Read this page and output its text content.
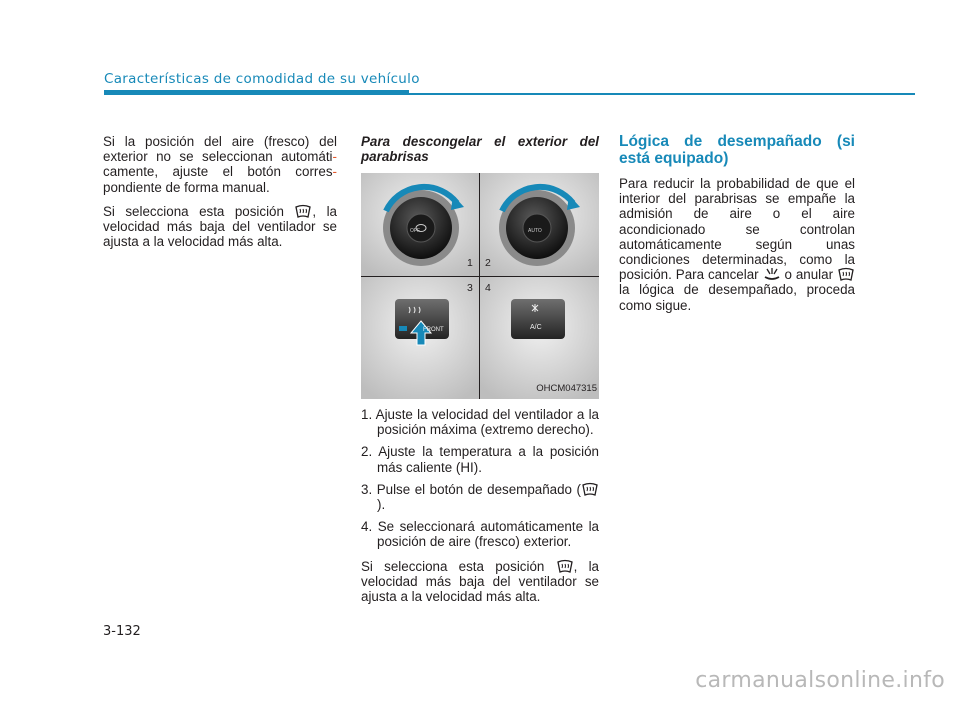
Características de comodidad de su vehículo

Si la posición del aire (fresco) del exterior no se seleccionan automáti- camente, ajuste el botón corres- pondiente de forma manual.

Si selecciona esta posición
, la velocidad más baja del ventilador se ajusta a la velocidad más alta.

Para descongelar el exterior del parabrisas

1 2
3 4
OFF	AUTO
FRONT	A/C
OHCM047315
1. Ajuste la velocidad del ventilador a la posición máxima (extremo derecho).
2. Ajuste la temperatura a la posición más caliente (HI).
3. Pulse el botón de desempañado (
).
4. Se seleccionará automáticamente la posición de aire (fresco) exterior.

Si selecciona esta posición
, la velocidad más baja del ventilador se ajusta a la velocidad más alta.

Lógica de desempañado (si está equipado)

Para reducir la probabilidad de que el interior del parabrisas se empañe la admisión de aire o el aire acondicionado se controlan automáticamente según unas condiciones determinadas, como la posición. Para cancelar
o anular
la lógica de desempañado, proceda como sigue.

3-132
carmanualsonline.info
